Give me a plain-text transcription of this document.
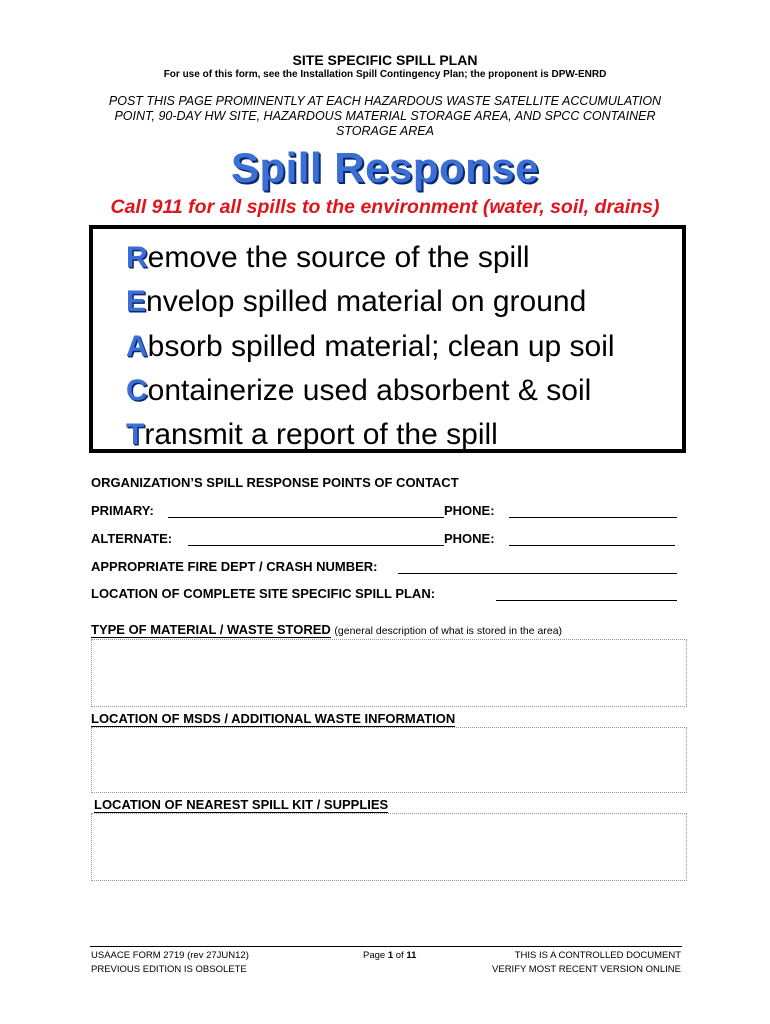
SITE SPECIFIC SPILL PLAN
For use of this form, see the Installation Spill Contingency Plan; the proponent is DPW-ENRD
POST THIS PAGE PROMINENTLY AT EACH HAZARDOUS WASTE SATELLITE ACCUMULATION POINT, 90-DAY HW SITE, HAZARDOUS MATERIAL STORAGE AREA, AND SPCC CONTAINER STORAGE AREA
Spill Response
Call 911 for all spills to the environment (water, soil, drains)
Remove the source of the spill
Envelop spilled material on ground
Absorb spilled material; clean up soil
Containerize used absorbent & soil
Transmit a report of the spill
ORGANIZATION’S SPILL RESPONSE POINTS OF CONTACT
PRIMARY:	PHONE:
ALTERNATE:	PHONE:
APPROPRIATE FIRE DEPT / CRASH NUMBER:
LOCATION OF COMPLETE SITE SPECIFIC SPILL PLAN:
TYPE OF MATERIAL / WASTE STORED (general description of what is stored in the area)
LOCATION OF MSDS / ADDITIONAL WASTE INFORMATION
LOCATION OF NEAREST SPILL KIT / SUPPLIES
USAACE FORM 2719 (rev 27JUN12)
PREVIOUS EDITION IS OBSOLETE
Page 1 of 11	THIS IS A CONTROLLED DOCUMENT
VERIFY MOST RECENT VERSION ONLINE
